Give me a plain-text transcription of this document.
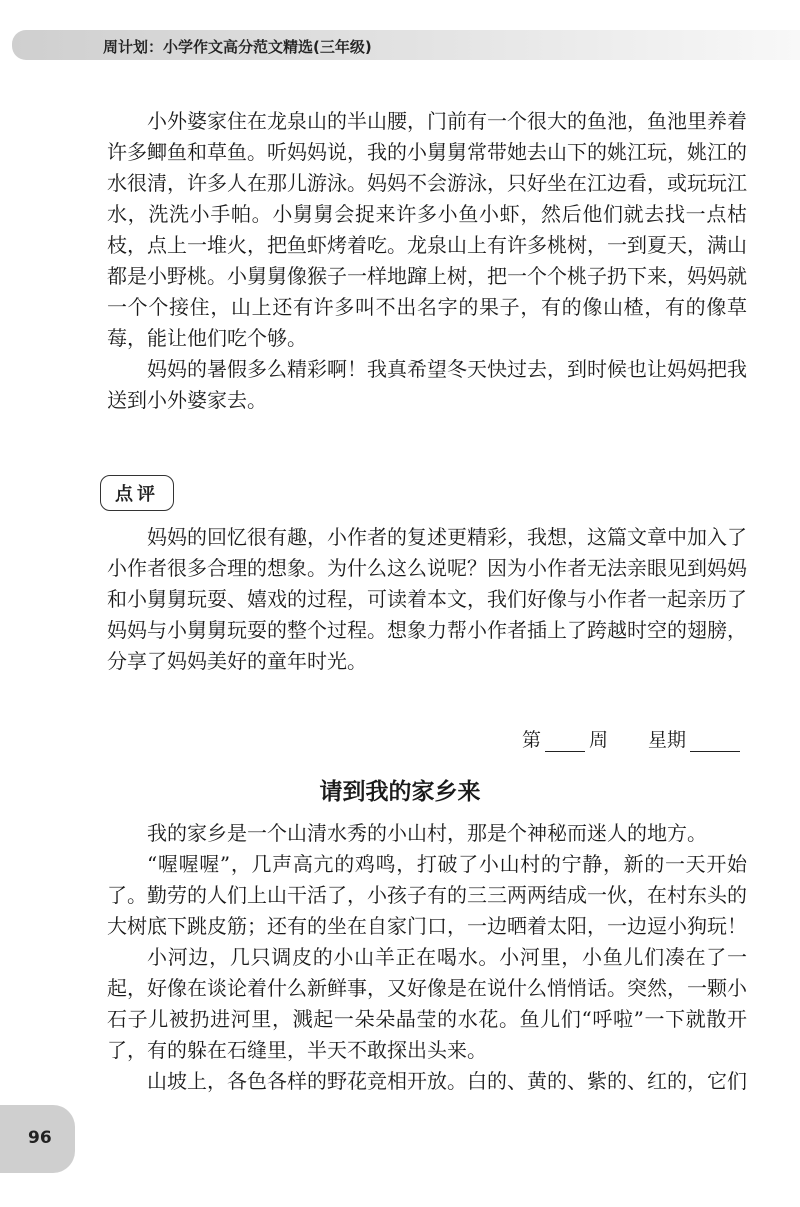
周计划：小学作文高分范文精选(三年级)

小外婆家住在龙泉山的半山腰，门前有一个很大的鱼池，鱼池里养着许多鲫鱼和草鱼。听妈妈说，我的小舅舅常带她去山下的姚江玩，姚江的水很清，许多人在那儿游泳。妈妈不会游泳，只好坐在江边看，或玩玩江水，洗洗小手帕。小舅舅会捉来许多小鱼小虾，然后他们就去找一点枯枝，点上一堆火，把鱼虾烤着吃。龙泉山上有许多桃树，一到夏天，满山都是小野桃。小舅舅像猴子一样地蹿上树，把一个个桃子扔下来，妈妈就一个个接住，山上还有许多叫不出名字的果子，有的像山楂，有的像草莓，能让他们吃个够。

妈妈的暑假多么精彩啊！我真希望冬天快过去，到时候也让妈妈把我送到小外婆家去。

点评

妈妈的回忆很有趣，小作者的复述更精彩，我想，这篇文章中加入了小作者很多合理的想象。为什么这么说呢？因为小作者无法亲眼见到妈妈和小舅舅玩耍、嬉戏的过程，可读着本文，我们好像与小作者一起亲历了妈妈与小舅舅玩耍的整个过程。想象力帮小作者插上了跨越时空的翅膀，分享了妈妈美好的童年时光。

第	周 星期
请到我的家乡来

我的家乡是一个山清水秀的小山村，那是个神秘而迷人的地方。

“喔喔喔”，几声高亢的鸡鸣，打破了小山村的宁静，新的一天开始了。勤劳的人们上山干活了，小孩子有的三三两两结成一伙，在村东头的大树底下跳皮筋；还有的坐在自家门口，一边晒着太阳，一边逗小狗玩！

小河边，几只调皮的小山羊正在喝水。小河里，小鱼儿们凑在了一起，好像在谈论着什么新鲜事，又好像是在说什么悄悄话。突然，一颗小石子儿被扔进河里，溅起一朵朵晶莹的水花。鱼儿们“呼啦”一下就散开了，有的躲在石缝里，半天不敢探出头来。

山坡上，各色各样的野花竞相开放。白的、黄的、紫的、红的，它们

96
